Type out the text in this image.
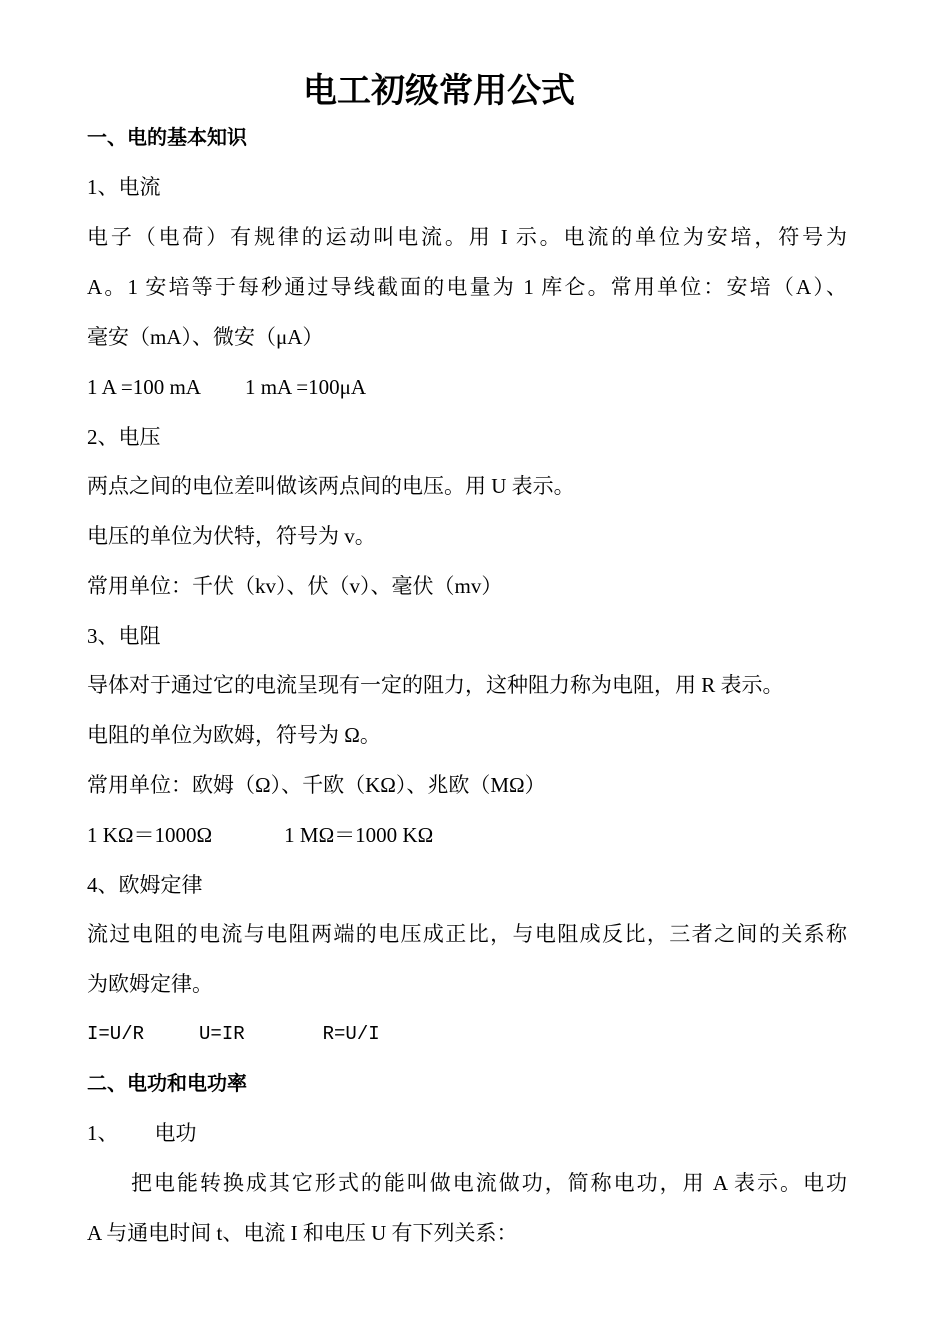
电工初级常用公式
一、电的基本知识
1、电流
电子（电荷）有规律的运动叫电流。用 I 示。电流的单位为安培，符号为
A。1 安培等于每秒通过导线截面的电量为 1 库仑。常用单位：安培（A）、
毫安（mA）、微安（μA）
1 A =100 mA 1 mA =100μA
2、电压
两点之间的电位差叫做该两点间的电压。用 U 表示。
电压的单位为伏特，符号为 v。
常用单位：千伏（kv）、伏（v）、毫伏（mv）
3、电阻
导体对于通过它的电流呈现有一定的阻力，这种阻力称为电阻，用 R 表示。
电阻的单位为欧姆，符号为 Ω。
常用单位：欧姆（Ω）、千欧（KΩ）、兆欧（MΩ）
1 KΩ＝1000Ω	1 MΩ＝1000 KΩ
4、欧姆定律
流过电阻的电流与电阻两端的电压成正比，与电阻成反比，三者之间的关系称
为欧姆定律。
I=U/R	U=IR	R=U/I
二、电功和电功率
1、 电功
把电能转换成其它形式的能叫做电流做功，简称电功，用 A 表示。电功
A 与通电时间 t、电流 I 和电压 U 有下列关系：
